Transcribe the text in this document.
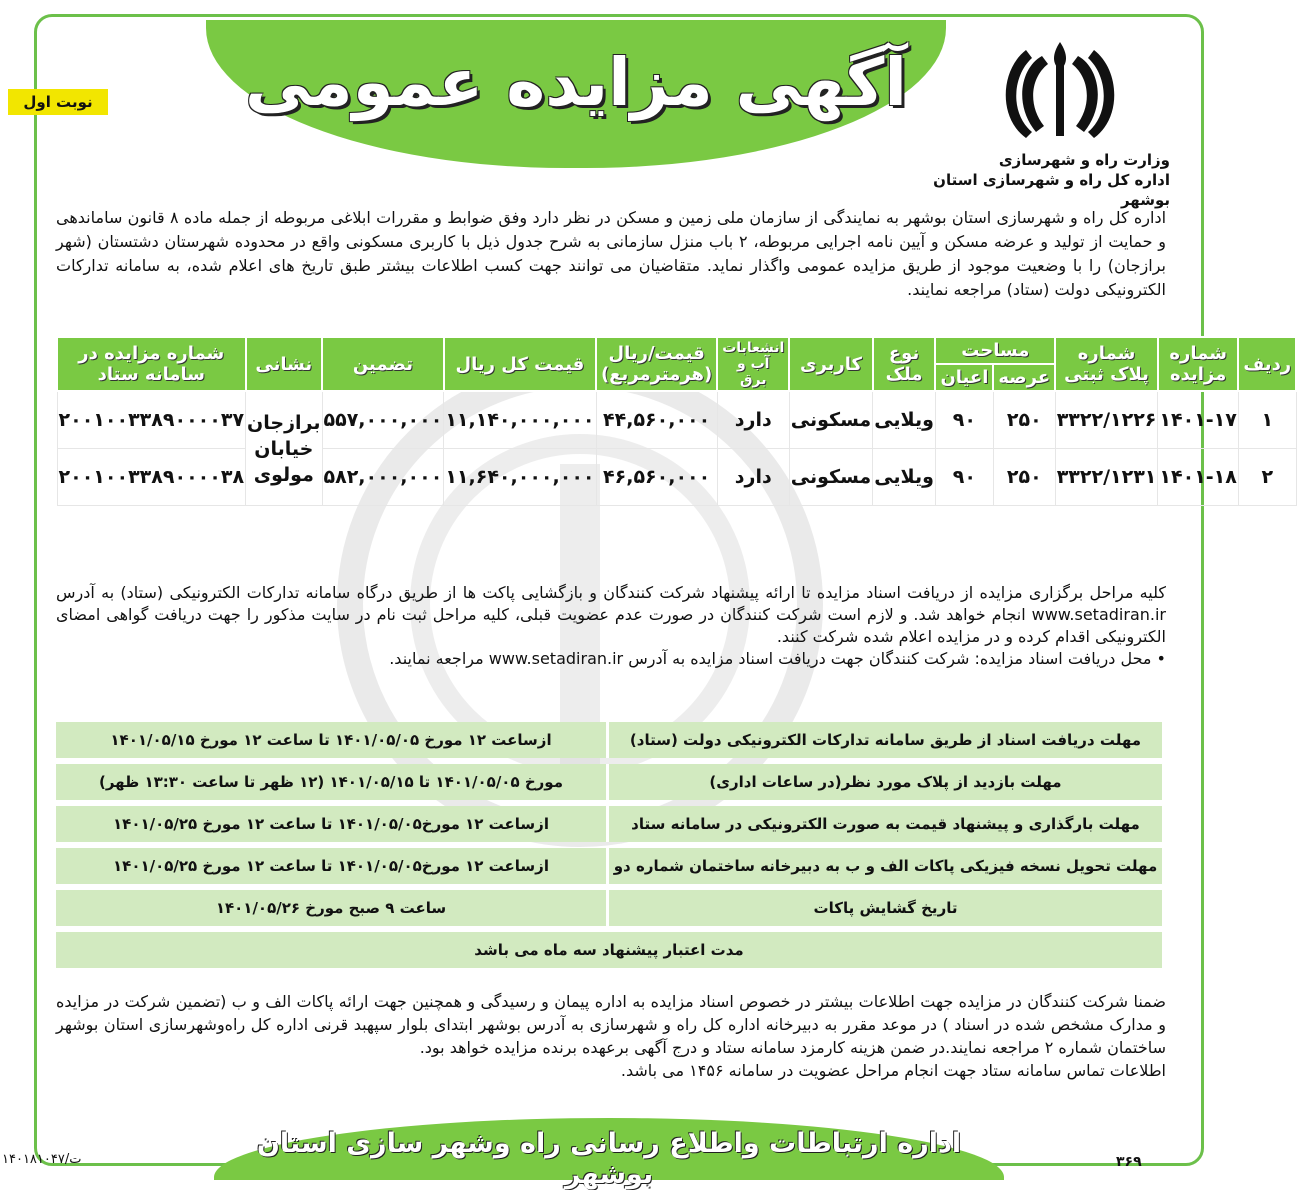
آگهی مزایده عمومی
نوبت اول
وزارت راه و شهرسازی
اداره کل راه و شهرسازی استان بوشهر
اداره کل راه و شهرسازی استان بوشهر به نمایندگی از سازمان ملی زمین و مسکن در نظر دارد وفق ضوابط و مقررات ابلاغی مربوطه از جمله ماده ۸ قانون ساماندهی و حمایت از تولید و عرضه مسکن و آیین نامه اجرایی مربوطه، ۲ باب منزل سازمانی به شرح جدول ذیل با کاربری مسکونی واقع در محدوده شهرستان دشتستان (شهر برازجان) را با وضعیت موجود از طریق مزایده عمومی واگذار نماید. متقاضیان می توانند جهت کسب اطلاعات بیشتر طبق تاریخ های اعلام شده، به سامانه تدارکات الکترونیکی دولت (ستاد) مراجعه نمایند.
ردیف	شماره مزایده	شماره پلاک ثبتی	مساحت		نوع ملک	کاربری	انشعابات آب و برق	قیمت/ریال (هرمترمربع)	قیمت کل ریال	تضمین	نشانی	شماره مزایده در سامانه ستاد
			عرصه	اعیان								
۱	۱۴۰۱-۱۷	۳۳۲۲/۱۲۲۶	۲۵۰	۹۰	ویلایی	مسکونی	دارد	۴۴,۵۶۰,۰۰۰	۱۱,۱۴۰,۰۰۰,۰۰۰	۵۵۷,۰۰۰,۰۰۰	برازجان خیابان مولوی	۲۰۰۱۰۰۳۳۸۹۰۰۰۰۳۷
۲	۱۴۰۱-۱۸	۳۳۲۲/۱۲۳۱	۲۵۰	۹۰	ویلایی	مسکونی	دارد	۴۶,۵۶۰,۰۰۰	۱۱,۶۴۰,۰۰۰,۰۰۰	۵۸۲,۰۰۰,۰۰۰		۲۰۰۱۰۰۳۳۸۹۰۰۰۰۳۸

کلیه مراحل برگزاری مزایده از دریافت اسناد مزایده تا ارائه پیشنهاد شرکت کنندگان و بازگشایی پاکت ها از طریق درگاه سامانه تدارکات الکترونیکی (ستاد) به آدرس www.setadiran.ir انجام خواهد شد. و لازم است شرکت کنندگان در صورت عدم عضویت قبلی، کلیه مراحل ثبت نام در سایت مذکور را جهت دریافت گواهی امضای الکترونیکی اقدام کرده و در مزایده اعلام شده شرکت کنند.

• محل دریافت اسناد مزایده: شرکت کنندگان جهت دریافت اسناد مزایده به آدرس www.setadiran.ir مراجعه نمایند.

مهلت دریافت اسناد از طریق سامانه تدارکات الکترونیکی دولت (ستاد)	ازساعت ۱۲ مورخ ۱۴۰۱/۰۵/۰۵ تا ساعت ۱۲ مورخ ۱۴۰۱/۰۵/۱۵
مهلت بازدید از پلاک مورد نظر(در ساعات اداری)	مورخ ۱۴۰۱/۰۵/۰۵ تا ۱۴۰۱/۰۵/۱۵ (۱۲ ظهر تا ساعت ۱۳:۳۰ ظهر)
مهلت بارگذاری و پیشنهاد قیمت به صورت الکترونیکی در سامانه ستاد	ازساعت ۱۲ مورخ۱۴۰۱/۰۵/۰۵ تا ساعت ۱۲ مورخ ۱۴۰۱/۰۵/۲۵
مهلت تحویل نسخه فیزیکی پاکات الف و ب به دبیرخانه ساختمان شماره دو	ازساعت ۱۲ مورخ۱۴۰۱/۰۵/۰۵ تا ساعت ۱۲ مورخ ۱۴۰۱/۰۵/۲۵
تاریخ گشایش پاکات	ساعت ۹ صبح مورخ ۱۴۰۱/۰۵/۲۶
مدت اعتبار پیشنهاد سه ماه می باشد	

ضمنا شرکت کنندگان در مزایده جهت اطلاعات بیشتر در خصوص اسناد مزایده به اداره پیمان و رسیدگی و همچنین جهت ارائه پاکات الف و ب (تضمین شرکت در مزایده و مدارک مشخص شده در اسناد ) در موعد مقرر به دبیرخانه اداره کل راه و شهرسازی به آدرس بوشهر ابتدای بلوار سپهبد قرنی اداره کل راه‌وشهرسازی استان بوشهر ساختمان شماره ۲ مراجعه نمایند.در ضمن هزینه کارمزد سامانه ستاد و درج آگهی برعهده برنده مزایده خواهد بود.

اطلاعات تماس سامانه ستاد جهت انجام مراحل عضویت در سامانه ۱۴۵۶ می باشد.

اداره ارتباطات واطلاع رسانی راه وشهر سازی استان بوشهر
۱۴۰۱۸۱۰۴۷/ت	۳۶۹
